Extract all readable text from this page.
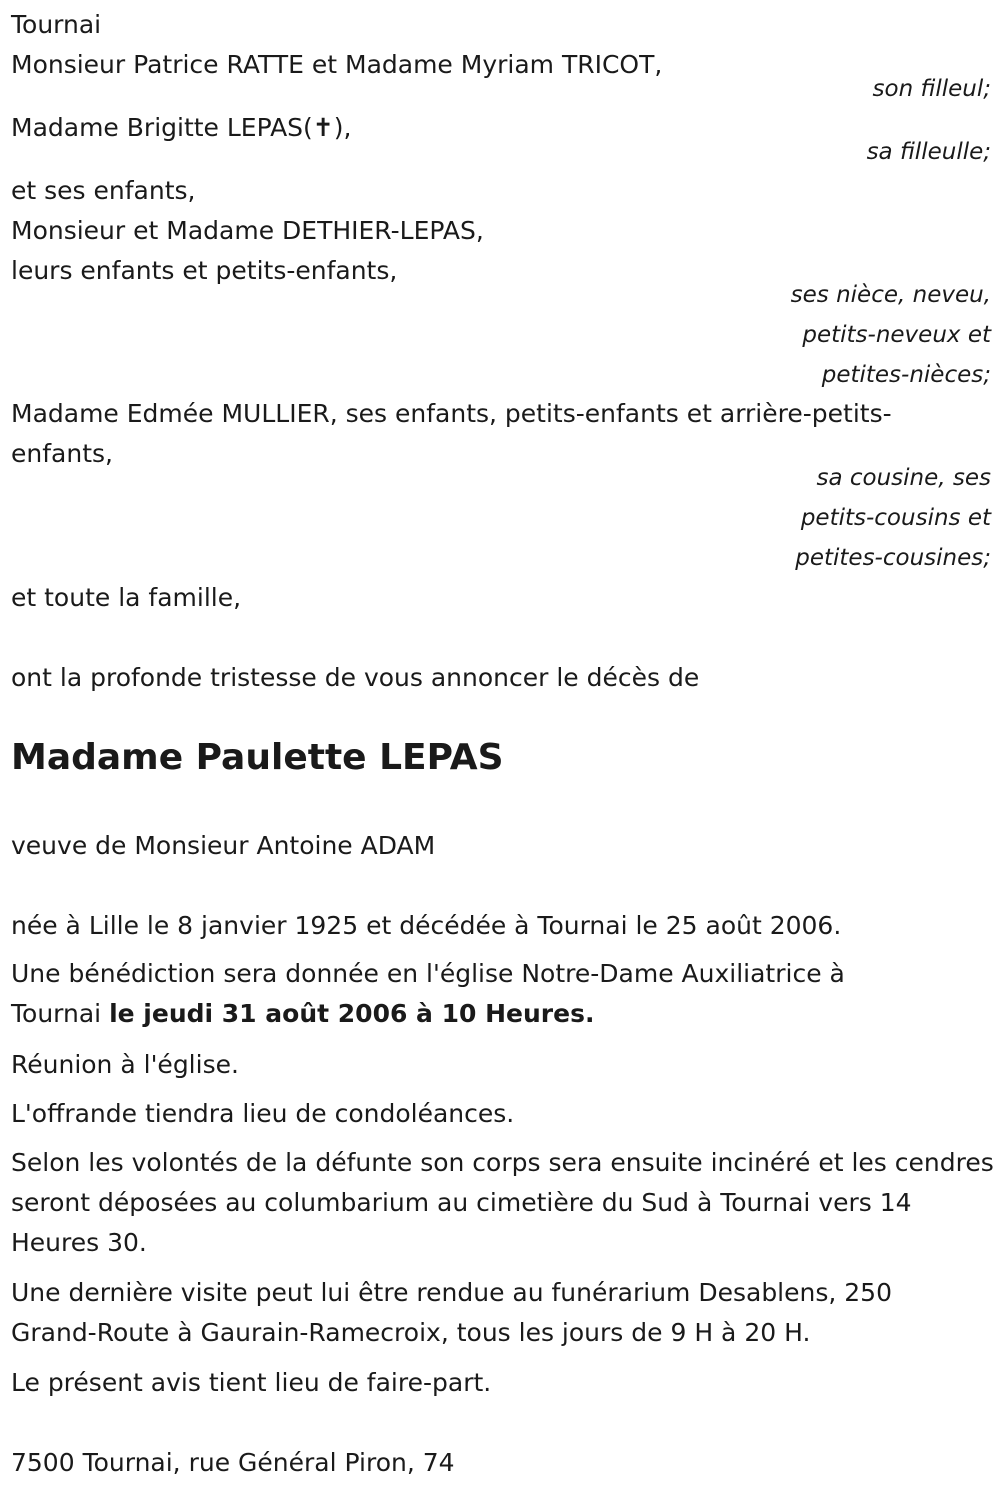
Tournai
Monsieur Patrice RATTE et Madame Myriam TRICOT,
son filleul;
Madame Brigitte LEPAS(✝),
sa filleulle;
et ses enfants,
Monsieur et Madame DETHIER-LEPAS,
leurs enfants et petits-enfants,
ses nièce, neveu,
petits-neveux et
petites-nièces;
Madame Edmée MULLIER, ses enfants, petits-enfants et arrière-petits-enfants,
sa cousine, ses
petits-cousins et
petites-cousines;
et toute la famille,
ont la profonde tristesse de vous annoncer le décès de
Madame Paulette LEPAS
veuve de Monsieur Antoine ADAM
née à Lille le 8 janvier 1925 et décédée à Tournai le 25 août 2006.
Une bénédiction sera donnée en l'église Notre-Dame Auxiliatrice à Tournai le jeudi 31 août 2006 à 10 Heures.
Réunion à l'église.
L'offrande tiendra lieu de condoléances.
Selon les volontés de la défunte son corps sera ensuite incinéré et les cendres seront déposées au columbarium au cimetière du Sud à Tournai vers 14 Heures 30.
Une dernière visite peut lui être rendue au funérarium Desablens, 250 Grand-Route à Gaurain-Ramecroix, tous les jours de 9 H à 20 H.
Le présent avis tient lieu de faire-part.
7500 Tournai, rue Général Piron, 74
